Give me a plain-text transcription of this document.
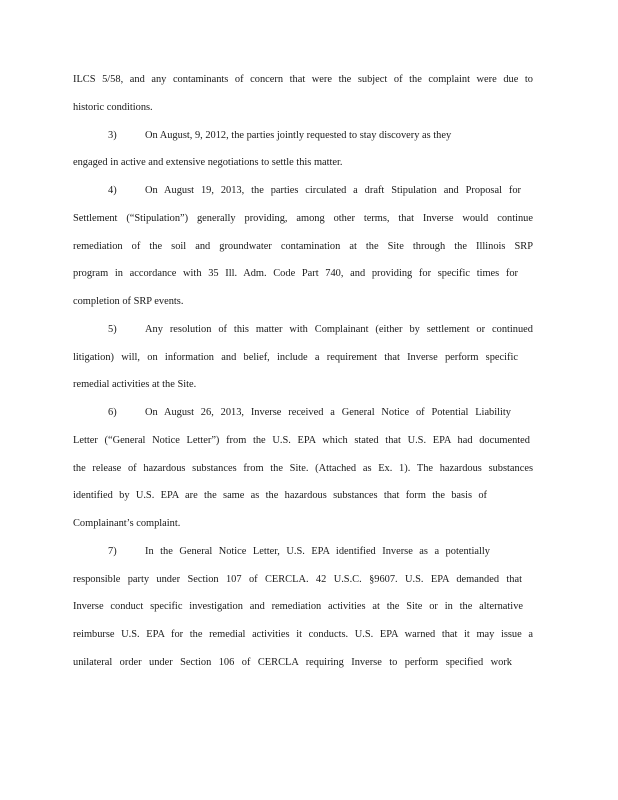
ILCS 5/58, and any contaminants of concern that were the subject of the complaint were due to
historic conditions.
3)	On August, 9, 2012, the parties jointly requested to stay discovery as they
engaged in active and extensive negotiations to settle this matter.
4)	On August 19, 2013, the parties circulated a draft Stipulation and Proposal for
Settlement (“Stipulation”) generally providing, among other terms, that Inverse would continue
remediation of the soil and groundwater contamination at the Site through the Illinois SRP
program in accordance with 35 Ill. Adm. Code Part 740, and providing for specific times for
completion of SRP events.
5)	Any resolution of this matter with Complainant (either by settlement or continued
litigation) will, on information and belief, include a requirement that Inverse perform specific
remedial activities at the Site.
6)	On August 26, 2013, Inverse received a General Notice of Potential Liability
Letter (“General Notice Letter”) from the U.S. EPA which stated that U.S. EPA had documented
the release of hazardous substances from the Site. (Attached as Ex. 1). The hazardous substances
identified by U.S. EPA are the same as the hazardous substances that form the basis of
Complainant’s complaint.
7)	In the General Notice Letter, U.S. EPA identified Inverse as a potentially
responsible party under Section 107 of CERCLA. 42 U.S.C. §9607. U.S. EPA demanded that
Inverse conduct specific investigation and remediation activities at the Site or in the alternative
reimburse U.S. EPA for the remedial activities it conducts. U.S. EPA warned that it may issue a
unilateral order under Section 106 of CERCLA requiring Inverse to perform specified work
